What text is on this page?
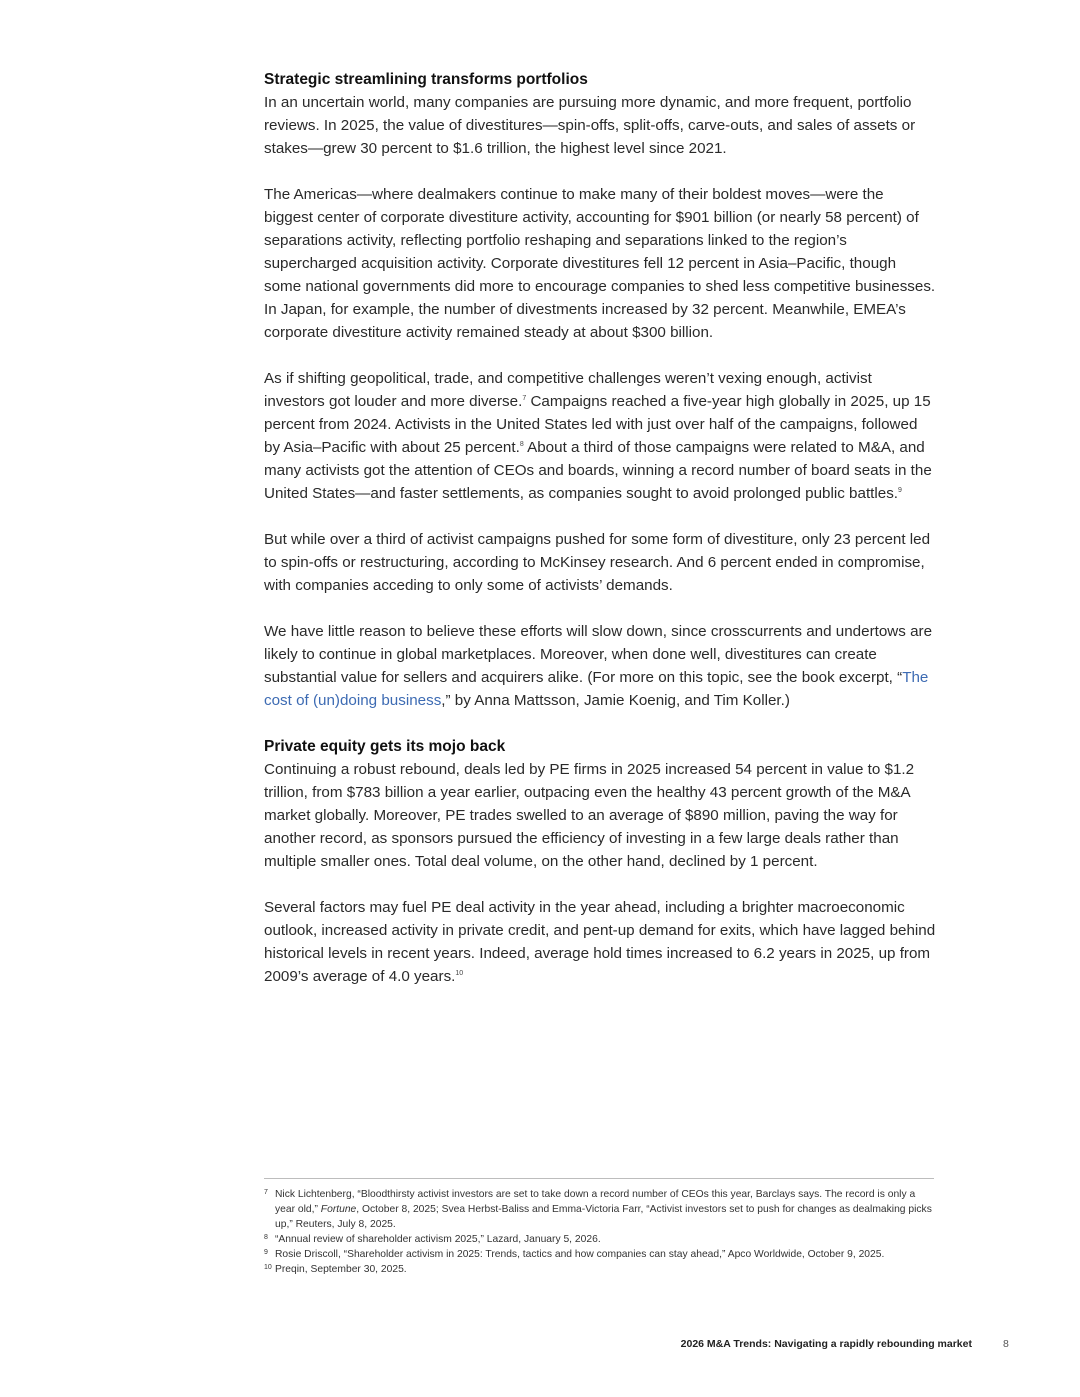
Strategic streamlining transforms portfolios

In an uncertain world, many companies are pursuing more dynamic, and more frequent, portfolio reviews. In 2025, the value of divestitures—spin-offs, split-offs, carve-outs, and sales of assets or stakes—grew 30 percent to $1.6 trillion, the highest level since 2021.

The Americas—where dealmakers continue to make many of their boldest moves—were the biggest center of corporate divestiture activity, accounting for $901 billion (or nearly 58 percent) of separations activity, reflecting portfolio reshaping and separations linked to the region’s supercharged acquisition activity. Corporate divestitures fell 12 percent in Asia–Pacific, though some national governments did more to encourage companies to shed less competitive businesses. In Japan, for example, the number of divestments increased by 32 percent. Meanwhile, EMEA’s corporate divestiture activity remained steady at about $300 billion.

As if shifting geopolitical, trade, and competitive challenges weren’t vexing enough, activist investors got louder and more diverse.$^7$ Campaigns reached a five-year high globally in 2025, up 15 percent from 2024. Activists in the United States led with just over half of the campaigns, followed by Asia–Pacific with about 25 percent.$^8$ About a third of those campaigns were related to M&A, and many activists got the attention of CEOs and boards, winning a record number of board seats in the United States—and faster settlements, as companies sought to avoid prolonged public battles.$^9$

But while over a third of activist campaigns pushed for some form of divestiture, only 23 percent led to spin-offs or restructuring, according to McKinsey research. And 6 percent ended in compromise, with companies acceding to only some of activists’ demands.

We have little reason to believe these efforts will slow down, since crosscurrents and undertows are likely to continue in global marketplaces. Moreover, when done well, divestitures can create substantial value for sellers and acquirers alike. (For more on this topic, see the book excerpt, “The cost of (un)doing business,” by Anna Mattsson, Jamie Koenig, and Tim Koller.)

Private equity gets its mojo back

Continuing a robust rebound, deals led by PE firms in 2025 increased 54 percent in value to $1.2 trillion, from $783 billion a year earlier, outpacing even the healthy 43 percent growth of the M&A market globally. Moreover, PE trades swelled to an average of $890 million, paving the way for another record, as sponsors pursued the efficiency of investing in a few large deals rather than multiple smaller ones. Total deal volume, on the other hand, declined by 1 percent.

Several factors may fuel PE deal activity in the year ahead, including a brighter macroeconomic outlook, increased activity in private credit, and pent-up demand for exits, which have lagged behind historical levels in recent years. Indeed, average hold times increased to 6.2 years in 2025, up from 2009’s average of 4.0 years.$^{10}$

7 Nick Lichtenberg, “Bloodthirsty activist investors are set to take down a record number of CEOs this year, Barclays says. The record is only a year old,” Fortune, October 8, 2025; Svea Herbst-Baliss and Emma-Victoria Farr, “Activist investors set to push for changes as dealmaking picks up,” Reuters, July 8, 2025.
8 “Annual review of shareholder activism 2025,” Lazard, January 5, 2026.
9 Rosie Driscoll, “Shareholder activism in 2025: Trends, tactics and how companies can stay ahead,” Apco Worldwide, October 9, 2025.
10 Preqin, September 30, 2025.
2026 M&A Trends: Navigating a rapidly rebounding market	8
